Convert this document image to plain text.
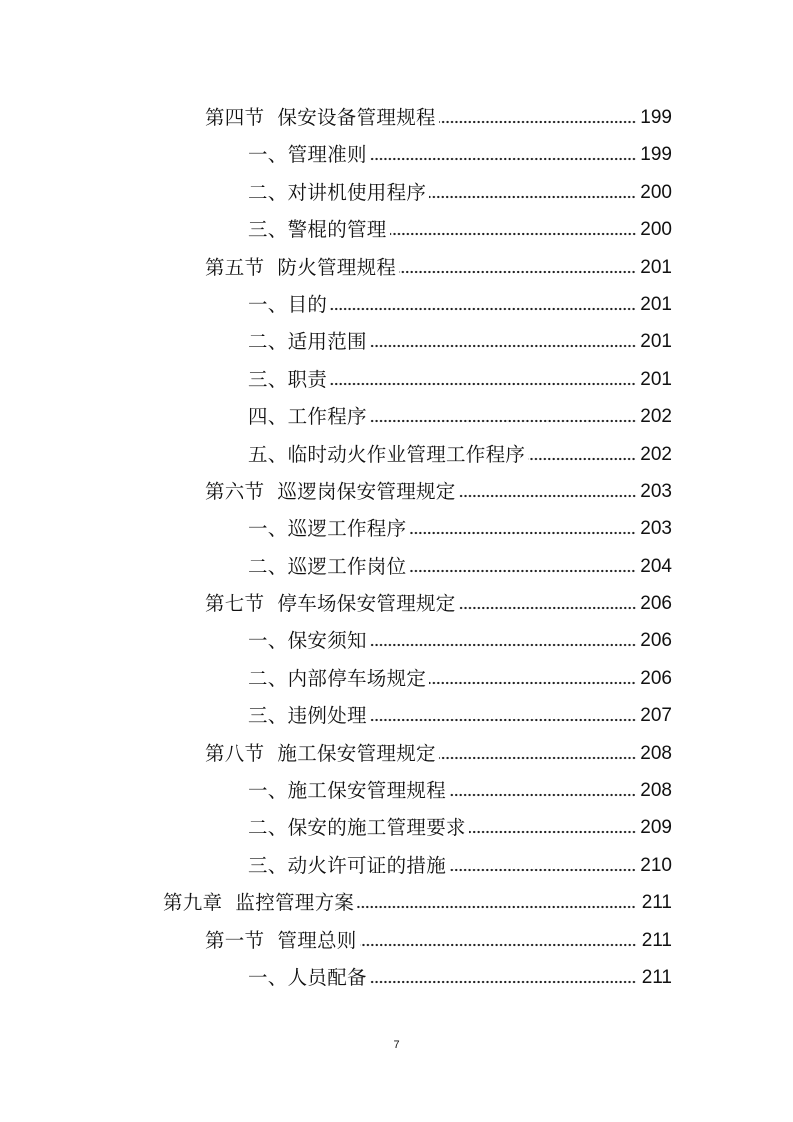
第四节  保安设备管理规程	199
一、管理准则	199
二、对讲机使用程序	200
三、警棍的管理	200
第五节  防火管理规程	201
一、目的	201
二、适用范围	201
三、职责	201
四、工作程序	202
五、临时动火作业管理工作程序	202
第六节  巡逻岗保安管理规定	203
一、巡逻工作程序	203
二、巡逻工作岗位	204
第七节  停车场保安管理规定	206
一、保安须知	206
二、内部停车场规定	206
三、违例处理	207
第八节  施工保安管理规定	208
一、施工保安管理规程	208
二、保安的施工管理要求	209
三、动火许可证的措施	210
第九章  监控管理方案	211
第一节  管理总则	211
一、人员配备	211
7
